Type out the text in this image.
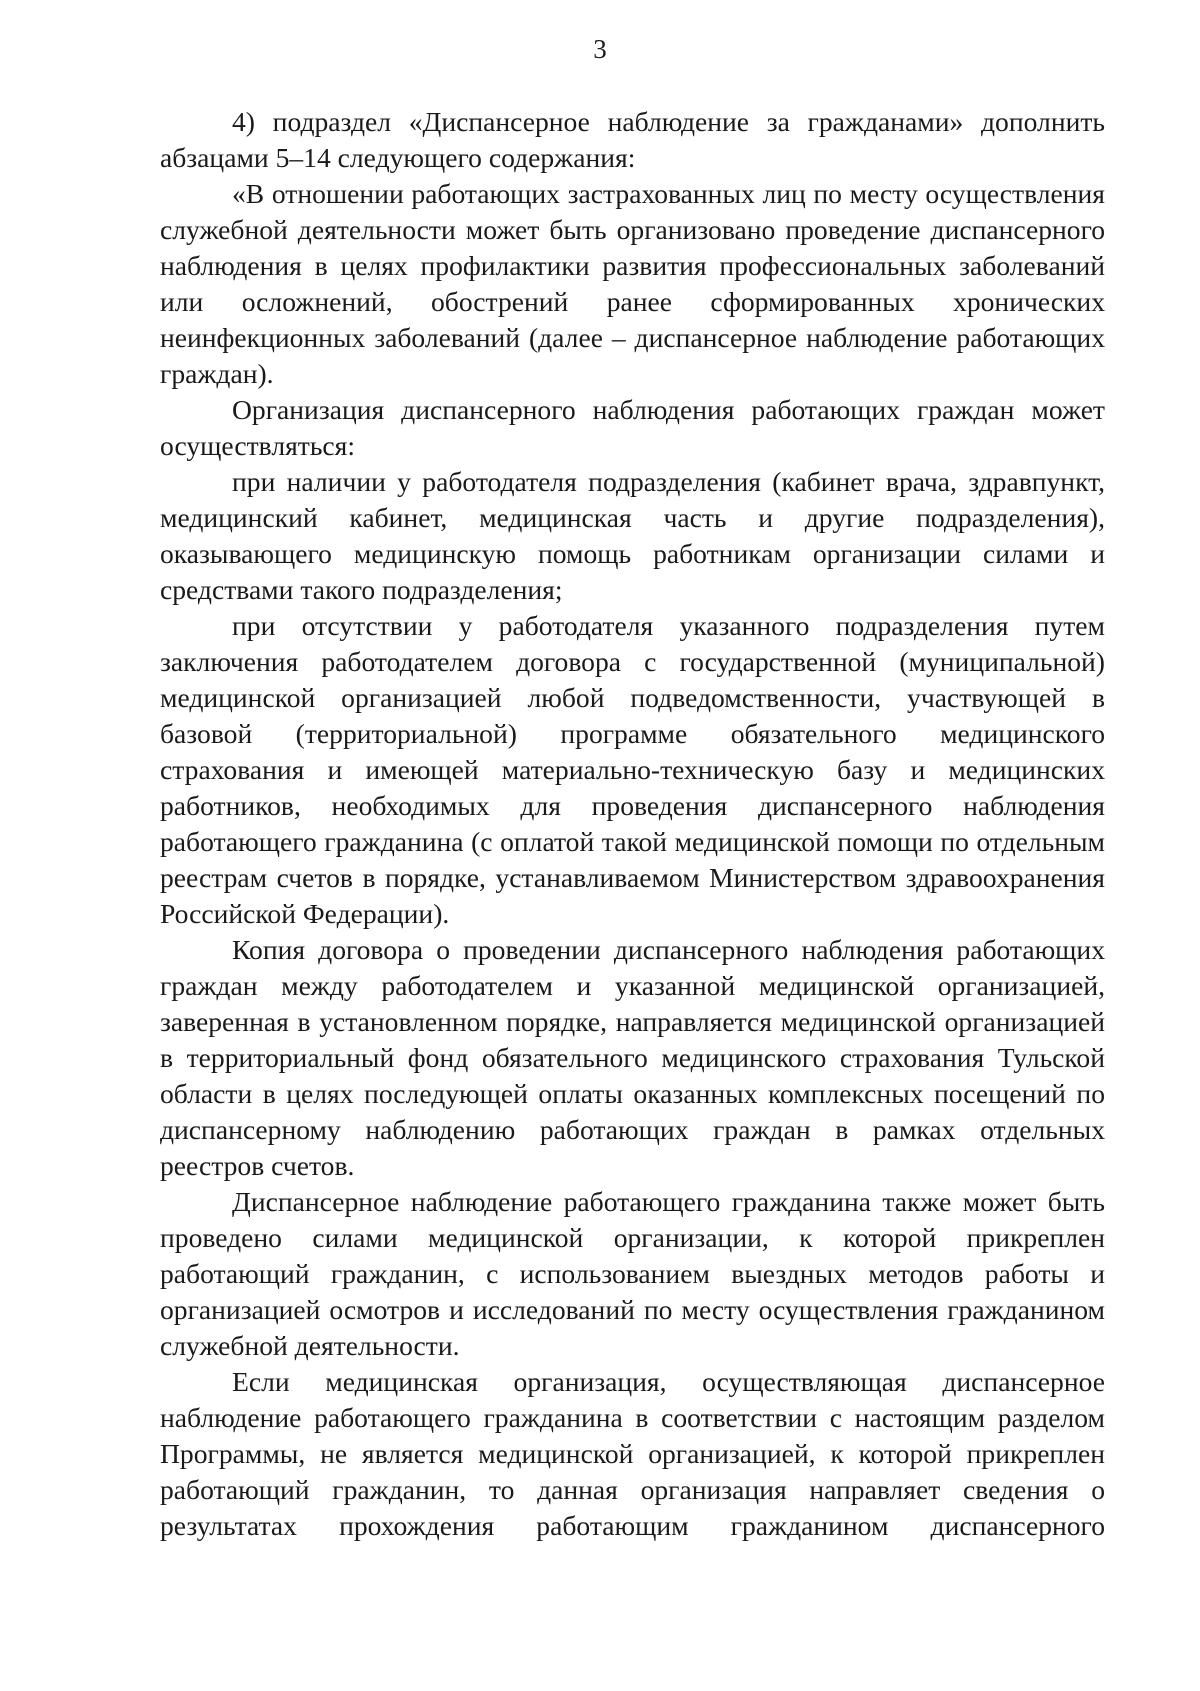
3

4) подраздел «Диспансерное наблюдение за гражданами» дополнить абзацами 5–14 следующего содержания:

«В отношении работающих застрахованных лиц по месту осуществления служебной деятельности может быть организовано проведение диспансерного наблюдения в целях профилактики развития профессиональных заболеваний или осложнений, обострений ранее сформированных хронических неинфекционных заболеваний (далее – диспансерное наблюдение работающих граждан).

Организация диспансерного наблюдения работающих граждан может осуществляться:

при наличии у работодателя подразделения (кабинет врача, здравпункт, медицинский кабинет, медицинская часть и другие подразделения), оказывающего медицинскую помощь работникам организации силами и средствами такого подразделения;

при отсутствии у работодателя указанного подразделения путем заключения работодателем договора с государственной (муниципальной) медицинской организацией любой подведомственности, участвующей в базовой (территориальной) программе обязательного медицинского страхования и имеющей материально-техническую базу и медицинских работников, необходимых для проведения диспансерного наблюдения работающего гражданина (с оплатой такой медицинской помощи по отдельным реестрам счетов в порядке, устанавливаемом Министерством здравоохранения Российской Федерации).

Копия договора о проведении диспансерного наблюдения работающих граждан между работодателем и указанной медицинской организацией, заверенная в установленном порядке, направляется медицинской организацией в территориальный фонд обязательного медицинского страхования Тульской области в целях последующей оплаты оказанных комплексных посещений по диспансерному наблюдению работающих граждан в рамках отдельных реестров счетов.

Диспансерное наблюдение работающего гражданина также может быть проведено силами медицинской организации, к которой прикреплен работающий гражданин, с использованием выездных методов работы и организацией осмотров и исследований по месту осуществления гражданином служебной деятельности.

Если медицинская организация, осуществляющая диспансерное наблюдение работающего гражданина в соответствии с настоящим разделом Программы, не является медицинской организацией, к которой прикреплен работающий гражданин, то данная организация направляет сведения о результатах прохождения работающим гражданином диспансерного
